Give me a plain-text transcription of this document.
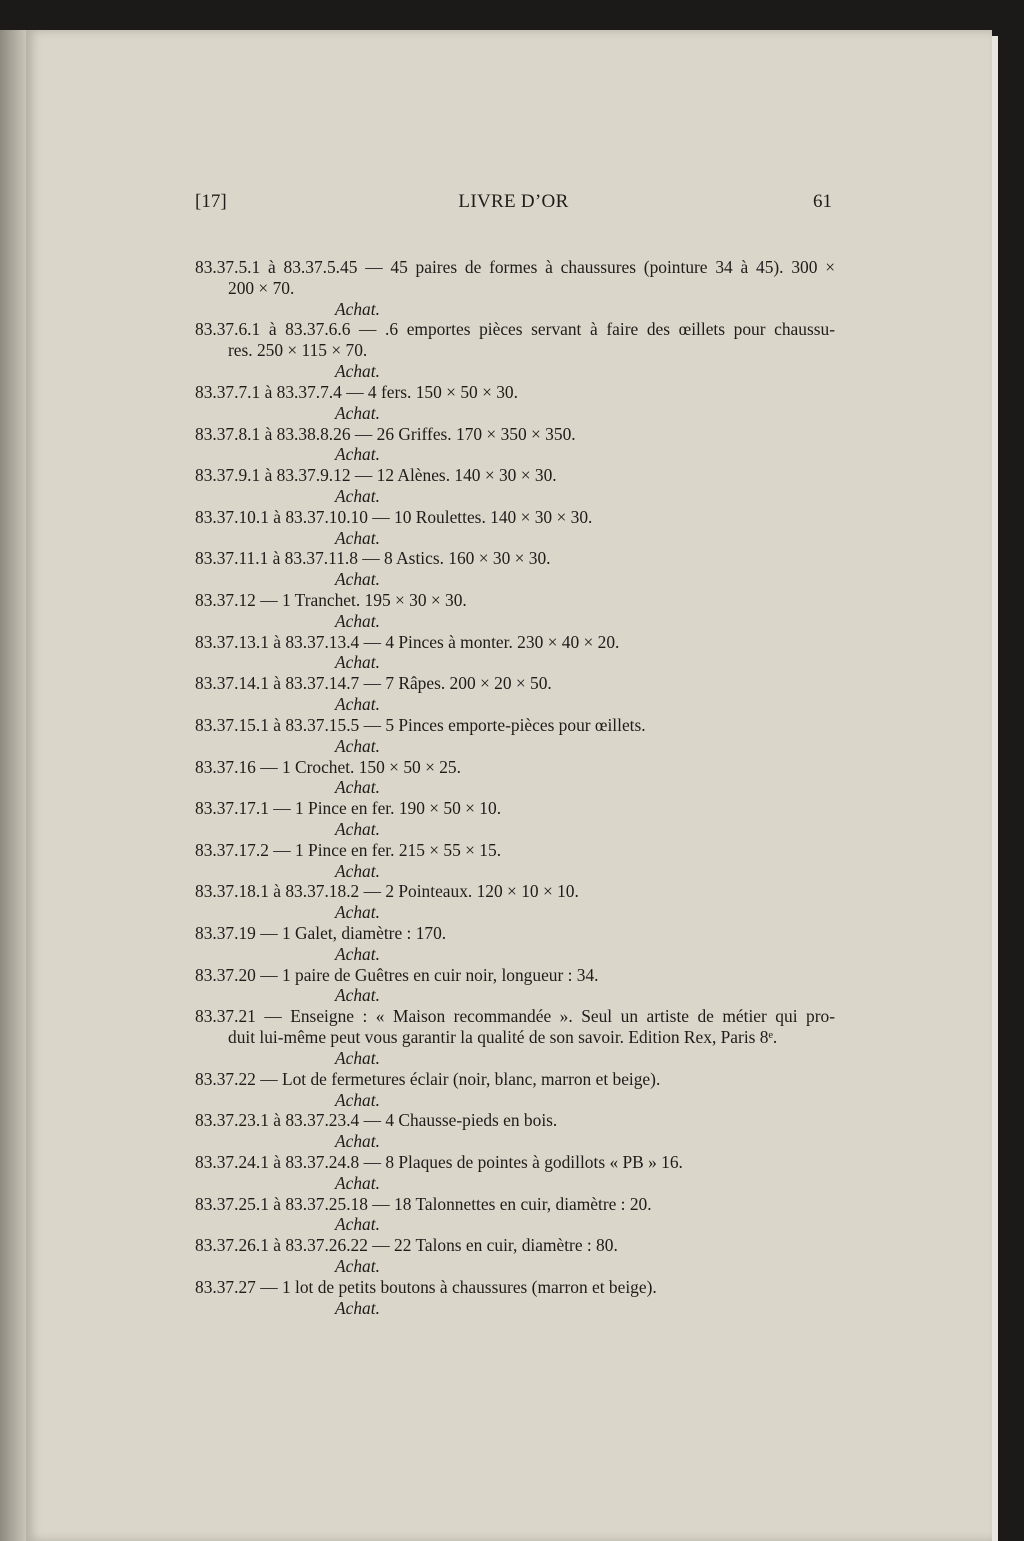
LIVRE D’OR
[17]	61
83.37.5.1 à 83.37.5.45 — 45 paires de formes à chaussures (pointure 34 à 45). 300 ×
200 × 70.
Achat.
83.37.6.1 à 83.37.6.6 — .6 emportes pièces servant à faire des œillets pour chaussu-
res. 250 × 115 × 70.
Achat.
83.37.7.1 à 83.37.7.4 — 4 fers. 150 × 50 × 30.
Achat.
83.37.8.1 à 83.38.8.26 — 26 Griffes. 170 × 350 × 350.
Achat.
83.37.9.1 à 83.37.9.12 — 12 Alènes. 140 × 30 × 30.
Achat.
83.37.10.1 à 83.37.10.10 — 10 Roulettes. 140 × 30 × 30.
Achat.
83.37.11.1 à 83.37.11.8 — 8 Astics. 160 × 30 × 30.
Achat.
83.37.12 — 1 Tranchet. 195 × 30 × 30.
Achat.
83.37.13.1 à 83.37.13.4 — 4 Pinces à monter. 230 × 40 × 20.
Achat.
83.37.14.1 à 83.37.14.7 — 7 Râpes. 200 × 20 × 50.
Achat.
83.37.15.1 à 83.37.15.5 — 5 Pinces emporte-pièces pour œillets.
Achat.
83.37.16 — 1 Crochet. 150 × 50 × 25.
Achat.
83.37.17.1 — 1 Pince en fer. 190 × 50 × 10.
Achat.
83.37.17.2 — 1 Pince en fer. 215 × 55 × 15.
Achat.
83.37.18.1 à 83.37.18.2 — 2 Pointeaux. 120 × 10 × 10.
Achat.
83.37.19 — 1 Galet, diamètre : 170.
Achat.
83.37.20 — 1 paire de Guêtres en cuir noir, longueur : 34.
Achat.
83.37.21 — Enseigne : « Maison recommandée ». Seul un artiste de métier qui pro-
duit lui-même peut vous garantir la qualité de son savoir. Edition Rex, Paris 8ᵉ.
Achat.
83.37.22 — Lot de fermetures éclair (noir, blanc, marron et beige).
Achat.
83.37.23.1 à 83.37.23.4 — 4 Chausse-pieds en bois.
Achat.
83.37.24.1 à 83.37.24.8 — 8 Plaques de pointes à godillots « PB » 16.
Achat.
83.37.25.1 à 83.37.25.18 — 18 Talonnettes en cuir, diamètre : 20.
Achat.
83.37.26.1 à 83.37.26.22 — 22 Talons en cuir, diamètre : 80.
Achat.
83.37.27 — 1 lot de petits boutons à chaussures (marron et beige).
Achat.
